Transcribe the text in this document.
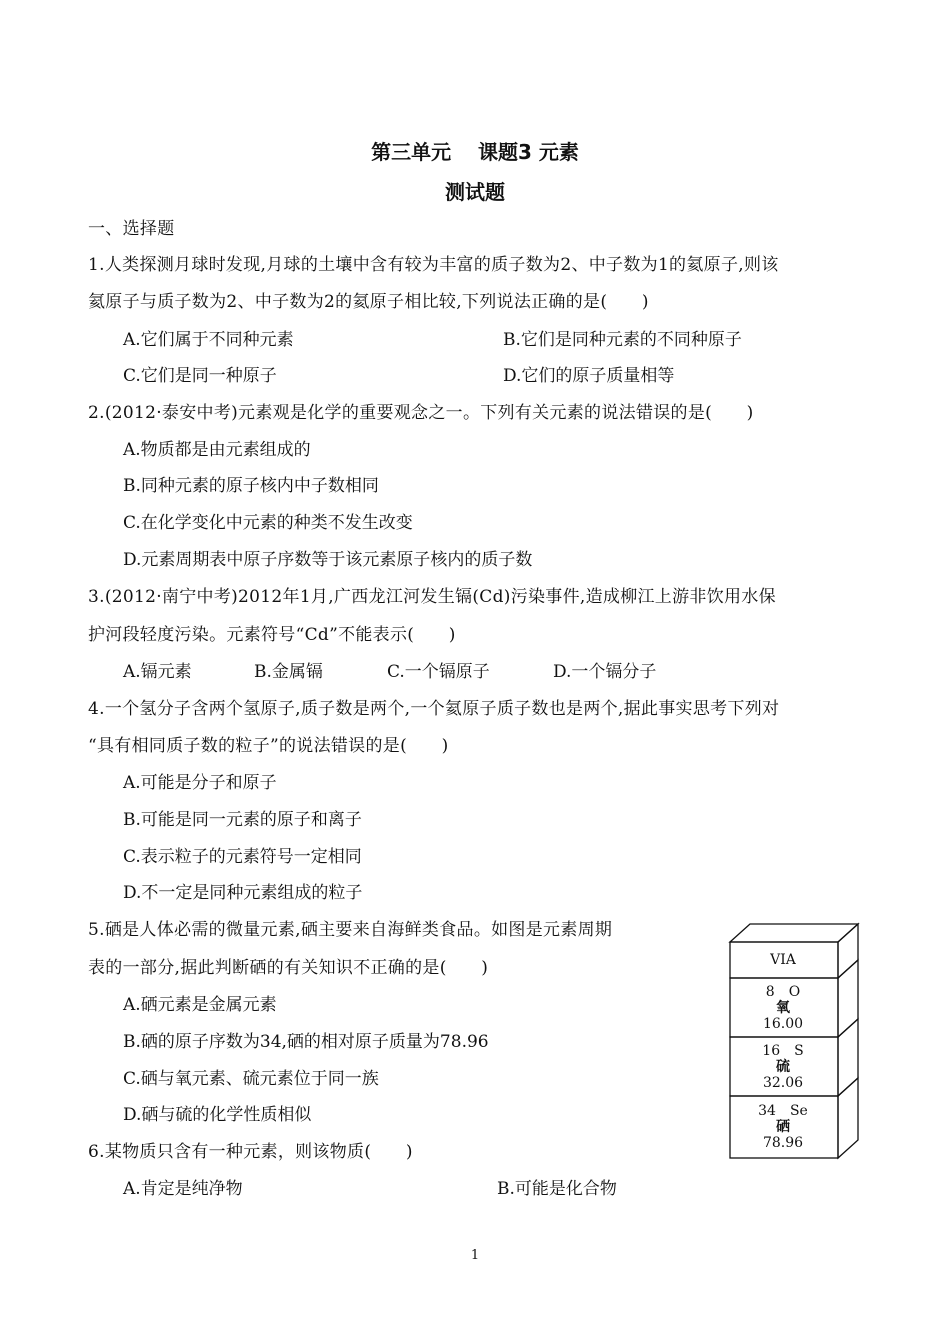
第三单元　 课题3 元素
测试题
一、选择题
1.人类探测月球时发现,月球的土壤中含有较为丰富的质子数为2、中子数为1的氦原子,则该
氦原子与质子数为2、中子数为2的氦原子相比较,下列说法正确的是(　　)
A.它们属于不同种元素	B.它们是同种元素的不同种原子
C.它们是同一种原子	D.它们的原子质量相等
2.(2012·泰安中考)元素观是化学的重要观念之一。下列有关元素的说法错误的是(　　)
A.物质都是由元素组成的
B.同种元素的原子核内中子数相同
C.在化学变化中元素的种类不发生改变
D.元素周期表中原子序数等于该元素原子核内的质子数
3.(2012·南宁中考)2012年1月,广西龙江河发生镉(Cd)污染事件,造成柳江上游非饮用水保
护河段轻度污染。元素符号“Cd”不能表示(　　)
A.镉元素	B.金属镉	C.一个镉原子	D.一个镉分子
4.一个氢分子含两个氢原子,质子数是两个,一个氦原子质子数也是两个,据此事实思考下列对
“具有相同质子数的粒子”的说法错误的是(　　)
A.可能是分子和原子
B.可能是同一元素的原子和离子
C.表示粒子的元素符号一定相同
D.不一定是同种元素组成的粒子
5.硒是人体必需的微量元素,硒主要来自海鲜类食品。如图是元素周期
表的一部分,据此判断硒的有关知识不正确的是(　　)
A.硒元素是金属元素
B.硒的原子序数为34,硒的相对原子质量为78.96
C.硒与氧元素、硫元素位于同一族
D.硒与硫的化学性质相似
6.某物质只含有一种元素，则该物质(　　)
A.肯定是纯净物	B.可能是化合物
VIA
8　O
氧
16.00
16　S
硫
32.06
34　Se
硒
78.96
1
